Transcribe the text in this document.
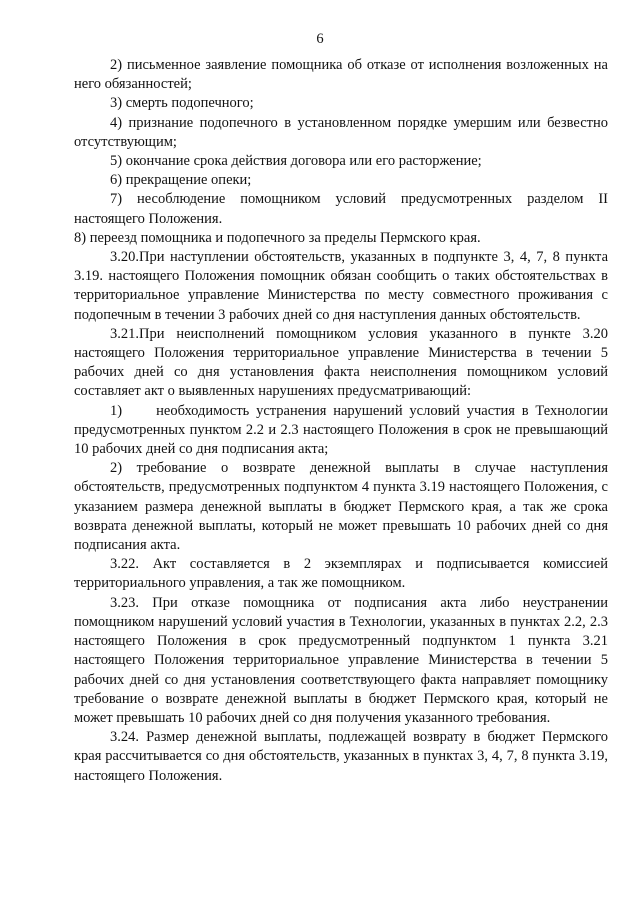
6

2) письменное заявление помощника об отказе от исполнения возложенных на него обязанностей;

3) смерть подопечного;

4) признание подопечного в установленном порядке умершим или безвестно отсутствующим;

5) окончание срока действия договора или его расторжение;

6) прекращение опеки;

7) несоблюдение помощником условий предусмотренных разделом II настоящего Положения.

8) переезд помощника и подопечного за пределы Пермского края.

3.20.При наступлении обстоятельств, указанных в подпункте 3, 4, 7, 8 пункта 3.19. настоящего Положения помощник обязан сообщить о таких обстоятельствах в территориальное управление Министерства по месту совместного проживания с подопечным в течении 3 рабочих дней со дня наступления данных обстоятельств.

3.21.При неисполнений помощником условия указанного в пункте 3.20 настоящего Положения территориальное управление Министерства в течении 5 рабочих дней со дня установления факта неисполнения помощником условий составляет акт о выявленных нарушениях предусматривающий:

1)     необходимость устранения нарушений условий участия в Технологии предусмотренных пунктом 2.2 и 2.3 настоящего Положения в срок не превышающий 10 рабочих дней со дня подписания акта;

2) требование о возврате денежной выплаты в случае наступления обстоятельств, предусмотренных подпунктом 4 пункта 3.19 настоящего Положения, с указанием размера денежной выплаты в бюджет Пермского края, а так же срока возврата денежной выплаты, который не может превышать 10 рабочих дней со дня подписания акта.

3.22. Акт составляется в 2 экземплярах и подписывается комиссией территориального управления, а так же помощником.

3.23. При отказе помощника от подписания акта либо неустранении помощником нарушений условий участия в Технологии, указанных в пунктах 2.2, 2.3 настоящего Положения в срок предусмотренный подпунктом 1 пункта 3.21 настоящего Положения территориальное управление Министерства в течении 5 рабочих дней со дня установления соответствующего факта направляет помощнику требование о возврате денежной выплаты в бюджет Пермского края, который не может превышать 10 рабочих дней со дня получения указанного требования.

3.24. Размер денежной выплаты, подлежащей возврату в бюджет Пермского края рассчитывается со дня обстоятельств, указанных в пунктах 3, 4, 7, 8 пункта 3.19, настоящего Положения.
